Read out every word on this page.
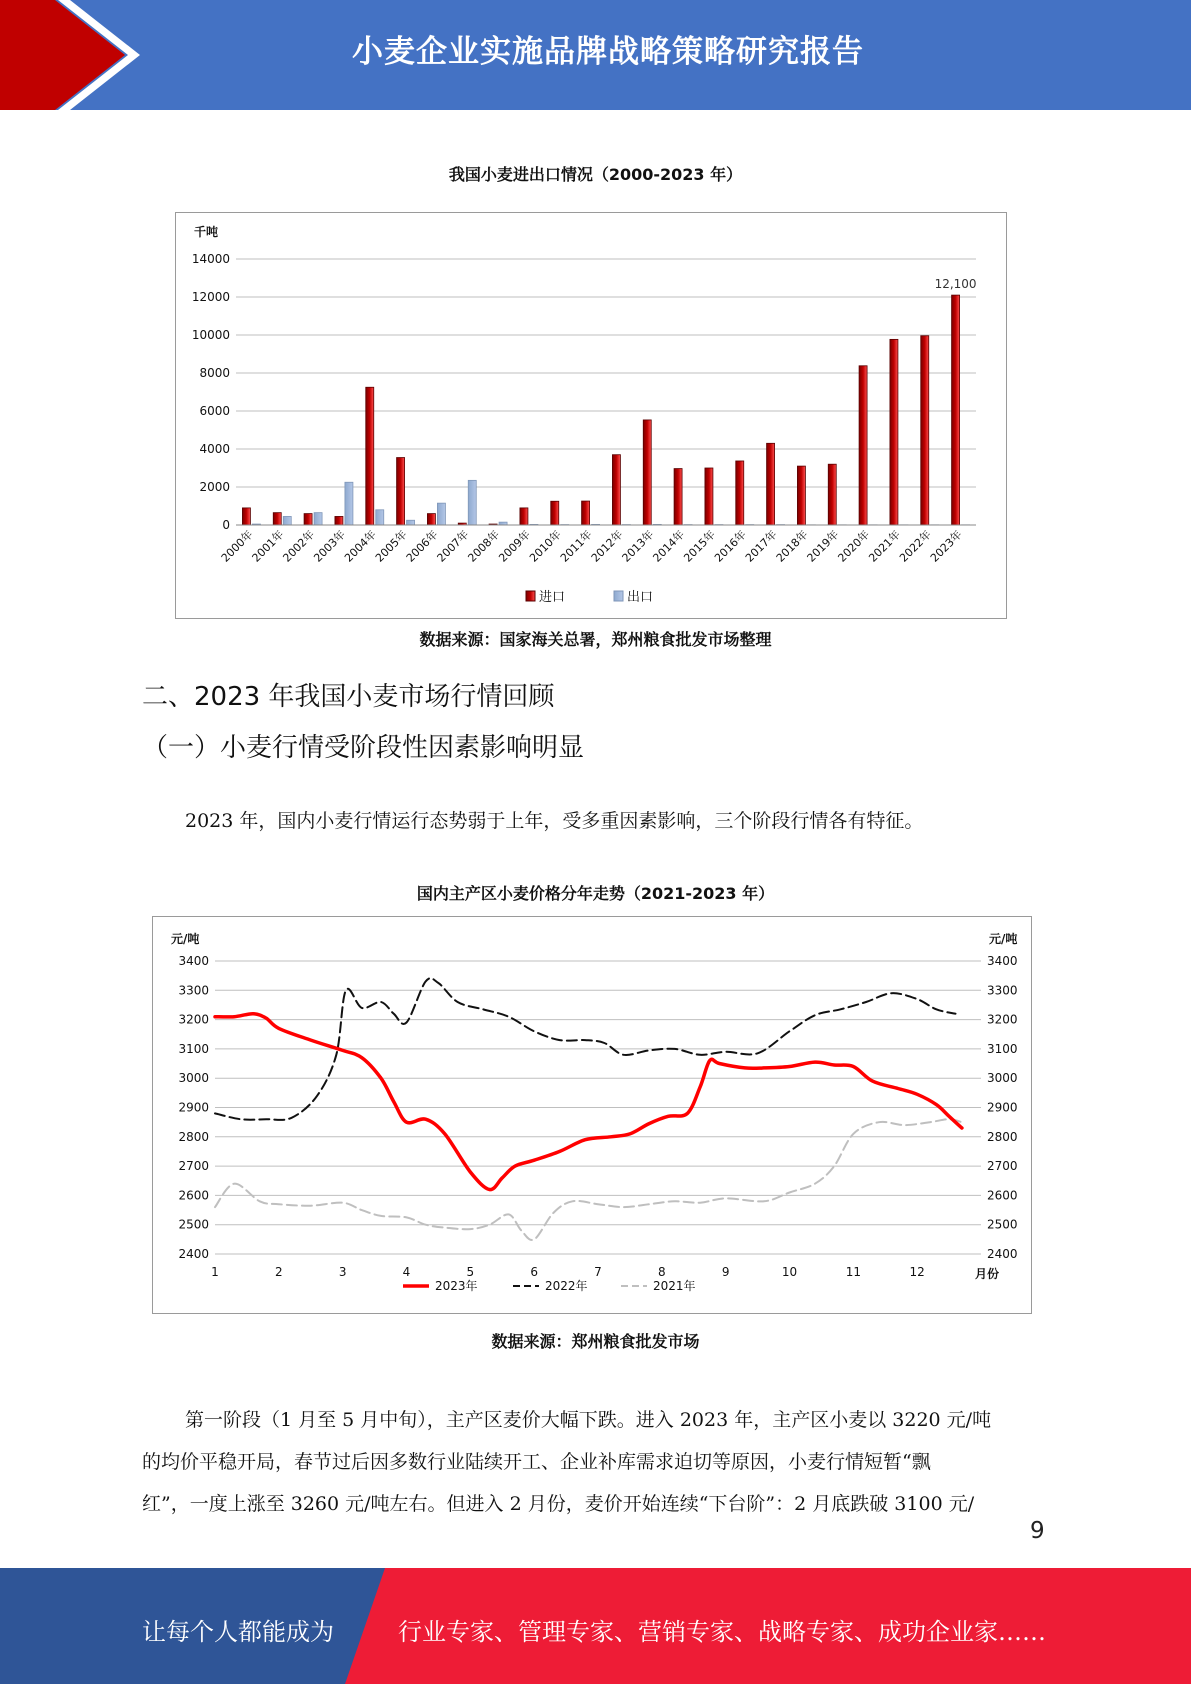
小麦企业实施品牌战略策略研究报告
我国小麦进出口情况（2000-2023 年）
千吨
0
2000
4000
6000
8000
10000
12000
14000
2000年
2001年
2002年
2003年
2004年
2005年
2006年
2007年
2008年
2009年
2010年
2011年
2012年
2013年
2014年
2015年
2016年
2017年
2018年
2019年
2020年
2021年
2022年
2023年
12,100
进口	出口
数据来源：国家海关总署，郑州粮食批发市场整理
二、2023 年我国小麦市场行情回顾
（一）小麦行情受阶段性因素影响明显
2023 年，国内小麦行情运行态势弱于上年，受多重因素影响，三个阶段行情各有特征。
国内主产区小麦价格分年走势（2021-2023 年）
元/吨	元/吨
2400	2400
2500	2500
2600	2600
2700	2700
2800	2800
2900	2900
3000	3000
3100	3100
3200	3200
3300	3300
3400	3400
1	2	3	4	5	6	7	8	9	10	11	12	月份
2023年	2022年	2021年
数据来源：郑州粮食批发市场
第一阶段（1 月至 5 月中旬），主产区麦价大幅下跌。进入 2023 年，主产区小麦以 3220 元/吨
的均价平稳开局，春节过后因多数行业陆续开工、企业补库需求迫切等原因，小麦行情短暂“飘
红”，一度上涨至 3260 元/吨左右。但进入 2 月份，麦价开始连续“下台阶”：2 月底跌破 3100 元/
9
让每个人都能成为	行业专家、管理专家、营销专家、战略专家、成功企业家……
